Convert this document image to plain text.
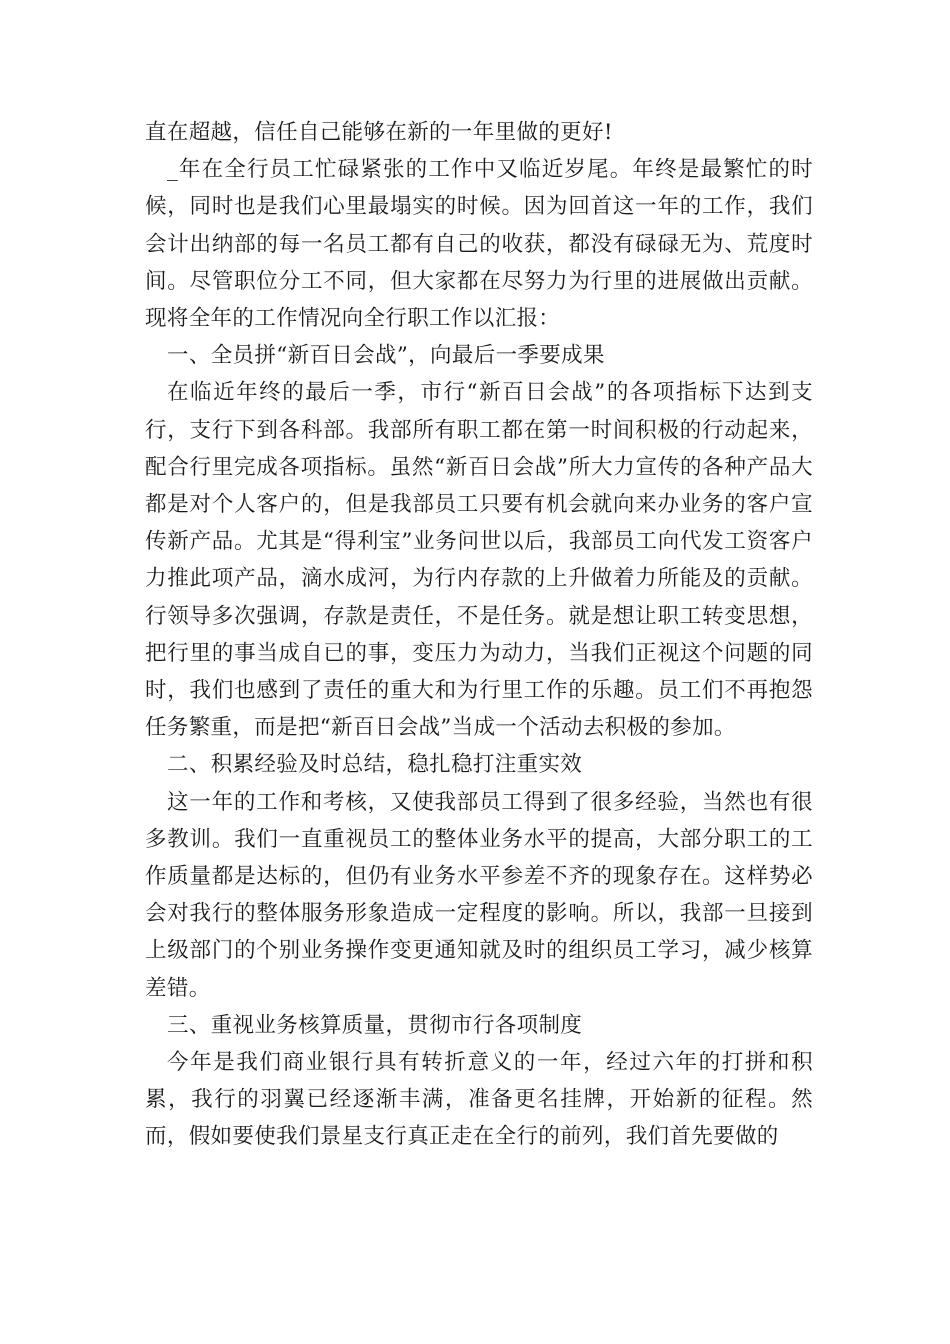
直在超越，信任自己能够在新的一年里做的更好!

_年在全行员工忙碌紧张的工作中又临近岁尾。年终是最繁忙的时候，同时也是我们心里最塌实的时候。因为回首这一年的工作，我们会计出纳部的每一名员工都有自己的收获，都没有碌碌无为、荒度时间。尽管职位分工不同，但大家都在尽努力为行里的进展做出贡献。现将全年的工作情况向全行职工作以汇报：

一、全员拼“新百日会战”，向最后一季要成果

在临近年终的最后一季，市行“新百日会战”的各项指标下达到支行，支行下到各科部。我部所有职工都在第一时间积极的行动起来，配合行里完成各项指标。虽然“新百日会战”所大力宣传的各种产品大都是对个人客户的，但是我部员工只要有机会就向来办业务的客户宣传新产品。尤其是“得利宝”业务问世以后，我部员工向代发工资客户力推此项产品，滴水成河，为行内存款的上升做着力所能及的贡献。行领导多次强调，存款是责任，不是任务。就是想让职工转变思想，把行里的事当成自已的事，变压力为动力，当我们正视这个问题的同时，我们也感到了责任的重大和为行里工作的乐趣。员工们不再抱怨任务繁重，而是把“新百日会战”当成一个活动去积极的参加。

二、积累经验及时总结，稳扎稳打注重实效

这一年的工作和考核，又使我部员工得到了很多经验，当然也有很多教训。我们一直重视员工的整体业务水平的提高，大部分职工的工作质量都是达标的，但仍有业务水平参差不齐的现象存在。这样势必会对我行的整体服务形象造成一定程度的影响。所以，我部一旦接到上级部门的个别业务操作变更通知就及时的组织员工学习，减少核算差错。

三、重视业务核算质量，贯彻市行各项制度

今年是我们商业银行具有转折意义的一年，经过六年的打拼和积累，我行的羽翼已经逐渐丰满，准备更名挂牌，开始新的征程。然而，假如要使我们景星支行真正走在全行的前列，我们首先要做的
